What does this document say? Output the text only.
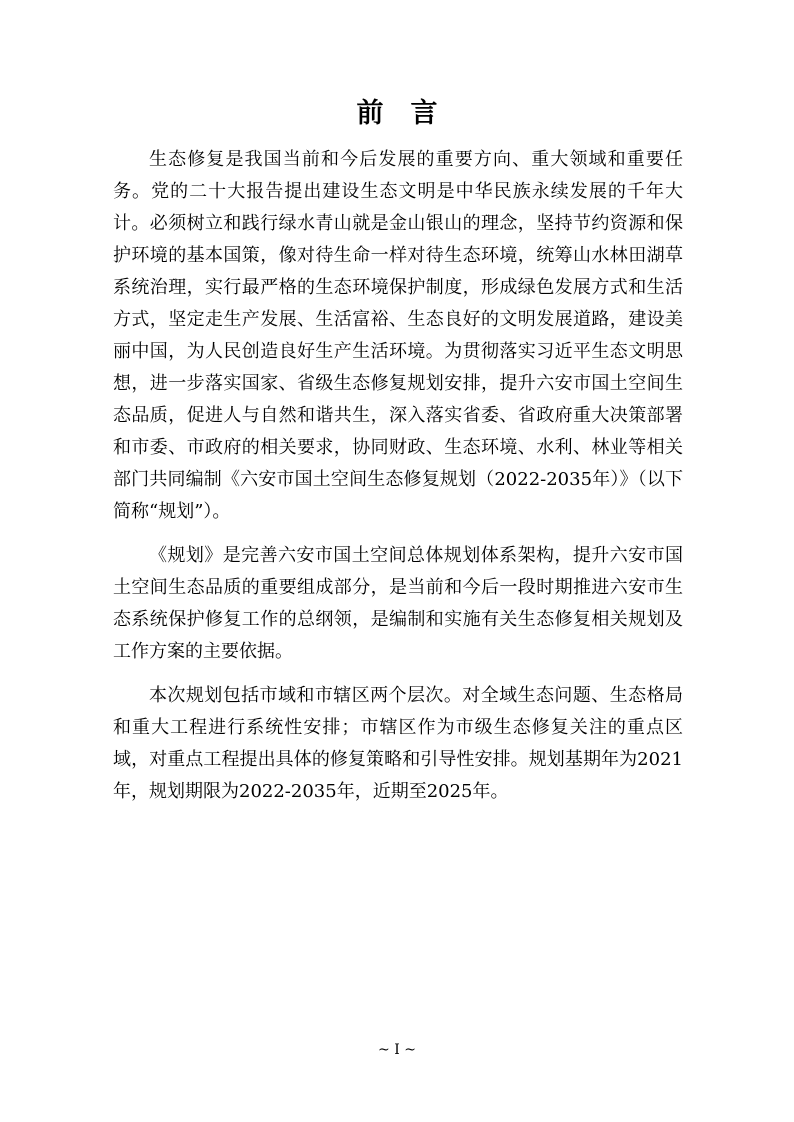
前 言

生态修复是我国当前和今后发展的重要方向、重大领域和重要任务。党的二十大报告提出建设生态文明是中华民族永续发展的千年大计。必须树立和践行绿水青山就是金山银山的理念，坚持节约资源和保护环境的基本国策，像对待生命一样对待生态环境，统筹山水林田湖草系统治理，实行最严格的生态环境保护制度，形成绿色发展方式和生活方式，坚定走生产发展、生活富裕、生态良好的文明发展道路，建设美丽中国，为人民创造良好生产生活环境。为贯彻落实习近平生态文明思想，进一步落实国家、省级生态修复规划安排，提升六安市国土空间生态品质，促进人与自然和谐共生，深入落实省委、省政府重大决策部署和市委、市政府的相关要求，协同财政、生态环境、水利、林业等相关部门共同编制《六安市国土空间生态修复规划（2022-2035年）》（以下简称“规划”）。

《规划》是完善六安市国土空间总体规划体系架构，提升六安市国土空间生态品质的重要组成部分，是当前和今后一段时期推进六安市生态系统保护修复工作的总纲领，是编制和实施有关生态修复相关规划及工作方案的主要依据。

本次规划包括市域和市辖区两个层次。对全域生态问题、生态格局和重大工程进行系统性安排；市辖区作为市级生态修复关注的重点区域，对重点工程提出具体的修复策略和引导性安排。规划基期年为2021年，规划期限为2022-2035年，近期至2025年。

~ I ~
